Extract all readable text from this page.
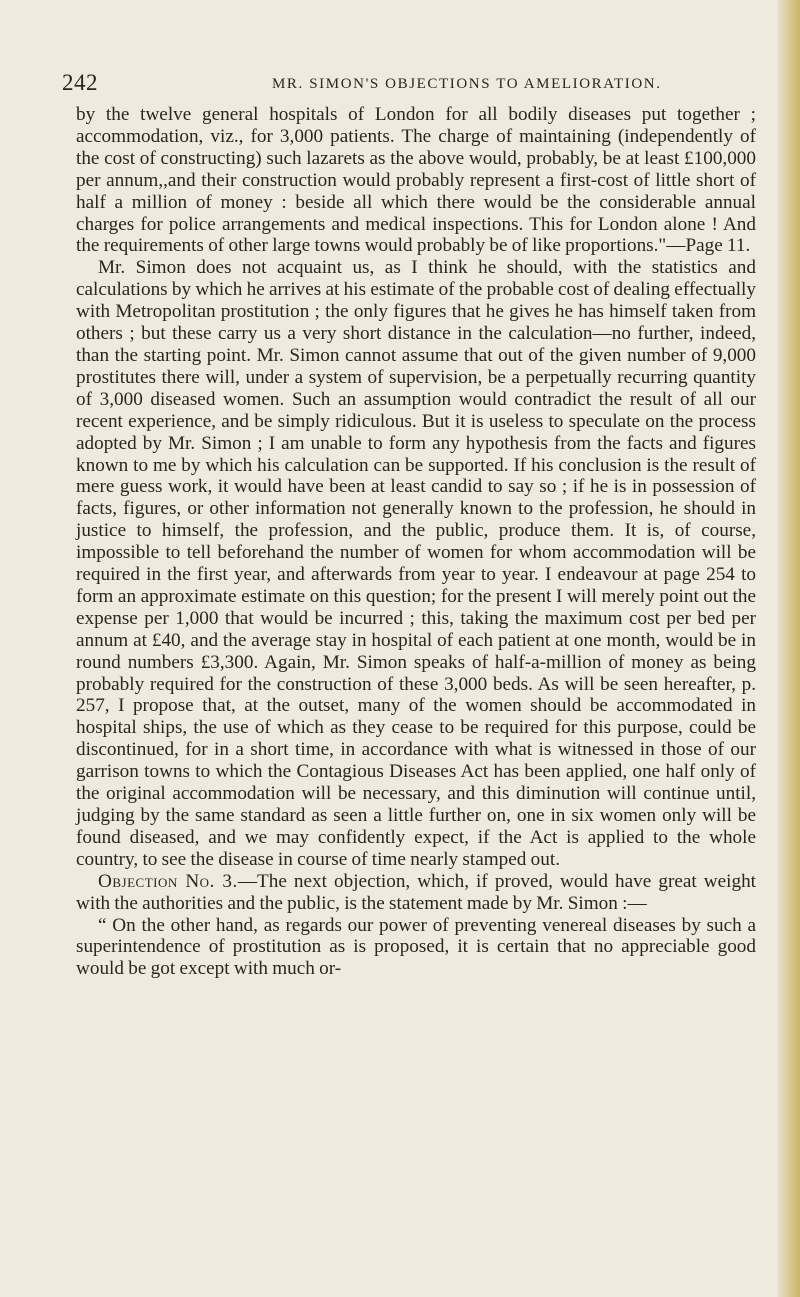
242	MR. SIMON'S OBJECTIONS TO AMELIORATION.

by the twelve general hospitals of London for all bodily diseases put together ; accommodation, viz., for 3,000 patients. The charge of maintaining (independently of the cost of constructing) such lazarets as the above would, probably, be at least £100,000 per annum,,and their construction would probably represent a first-cost of little short of half a million of money : beside all which there would be the considerable annual charges for police arrangements and medical inspections. This for London alone ! And the requirements of other large towns would probably be of like proportions."—Page 11.

Mr. Simon does not acquaint us, as I think he should, with the statistics and calculations by which he arrives at his estimate of the probable cost of dealing effectually with Metropolitan prostitution ; the only figures that he gives he has himself taken from others ; but these carry us a very short distance in the calculation—no further, indeed, than the starting point. Mr. Simon cannot assume that out of the given number of 9,000 prostitutes there will, under a system of supervision, be a perpetually recurring quantity of 3,000 diseased women. Such an assumption would contradict the result of all our recent experience, and be simply ridiculous. But it is useless to speculate on the process adopted by Mr. Simon ; I am unable to form any hypothesis from the facts and figures known to me by which his calculation can be supported. If his conclusion is the result of mere guess work, it would have been at least candid to say so ; if he is in possession of facts, figures, or other information not generally known to the profession, he should in justice to himself, the profession, and the public, produce them. It is, of course, impossible to tell beforehand the number of women for whom accommodation will be required in the first year, and afterwards from year to year. I endeavour at page 254 to form an approximate estimate on this question; for the present I will merely point out the expense per 1,000 that would be incurred ; this, taking the maximum cost per bed per annum at £40, and the average stay in hospital of each patient at one month, would be in round numbers £3,300. Again, Mr. Simon speaks of half-a-million of money as being probably required for the construction of these 3,000 beds. As will be seen hereafter, p. 257, I propose that, at the outset, many of the women should be accommodated in hospital ships, the use of which as they cease to be required for this purpose, could be discontinued, for in a short time, in accordance with what is witnessed in those of our garrison towns to which the Contagious Diseases Act has been applied, one half only of the original accommodation will be necessary, and this diminution will continue until, judging by the same standard as seen a little further on, one in six women only will be found diseased, and we may confidently expect, if the Act is applied to the whole country, to see the disease in course of time nearly stamped out.

Objection No. 3.—The next objection, which, if proved, would have great weight with the authorities and the public, is the statement made by Mr. Simon :—

“ On the other hand, as regards our power of preventing venereal diseases by such a superintendence of prostitution as is proposed, it is certain that no appreciable good would be got except with much or-
